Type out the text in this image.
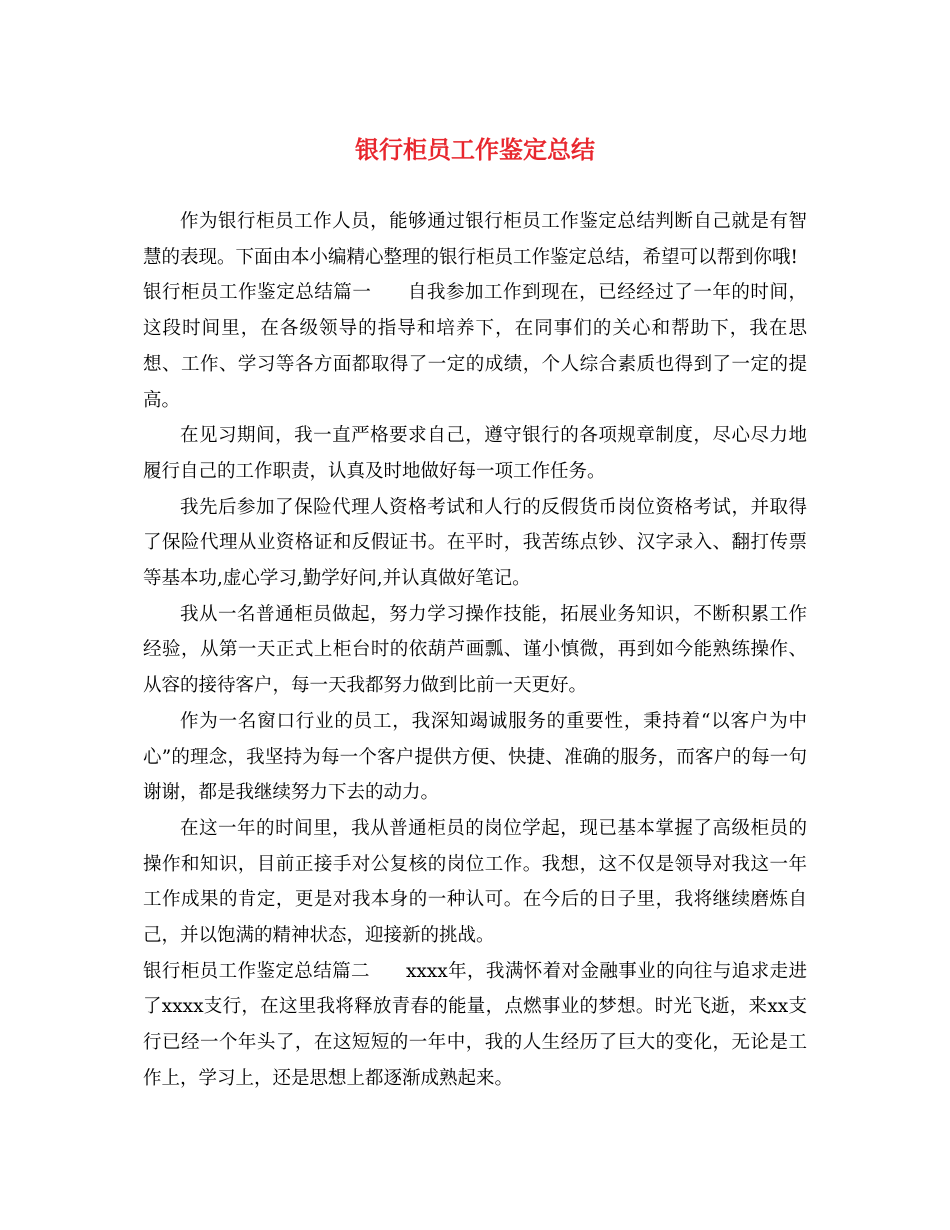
银行柜员工作鉴定总结

作为银行柜员工作人员，能够通过银行柜员工作鉴定总结判断自己就是有智慧的表现。下面由本小编精心整理的银行柜员工作鉴定总结，希望可以帮到你哦!

银行柜员工作鉴定总结篇一 自我参加工作到现在，已经经过了一年的时间，这段时间里，在各级领导的指导和培养下，在同事们的关心和帮助下，我在思想、工作、学习等各方面都取得了一定的成绩，个人综合素质也得到了一定的提高。

在见习期间，我一直严格要求自己，遵守银行的各项规章制度，尽心尽力地履行自己的工作职责，认真及时地做好每一项工作任务。

我先后参加了保险代理人资格考试和人行的反假货币岗位资格考试，并取得了保险代理从业资格证和反假证书。在平时，我苦练点钞、汉字录入、翻打传票等基本功,虚心学习,勤学好问,并认真做好笔记。

我从一名普通柜员做起，努力学习操作技能，拓展业务知识，不断积累工作经验，从第一天正式上柜台时的依葫芦画瓢、谨小慎微，再到如今能熟练操作、从容的接待客户，每一天我都努力做到比前一天更好。

作为一名窗口行业的员工，我深知竭诚服务的重要性，秉持着“以客户为中心”的理念，我坚持为每一个客户提供方便、快捷、准确的服务，而客户的每一句谢谢，都是我继续努力下去的动力。

在这一年的时间里，我从普通柜员的岗位学起，现已基本掌握了高级柜员的操作和知识，目前正接手对公复核的岗位工作。我想，这不仅是领导对我这一年工作成果的肯定，更是对我本身的一种认可。在今后的日子里，我将继续磨炼自己，并以饱满的精神状态，迎接新的挑战。

银行柜员工作鉴定总结篇二 xxxx年，我满怀着对金融事业的向往与追求走进了xxxx支行，在这里我将释放青春的能量，点燃事业的梦想。时光飞逝，来xx支行已经一个年头了，在这短短的一年中，我的人生经历了巨大的变化，无论是工作上，学习上，还是思想上都逐渐成熟起来。
